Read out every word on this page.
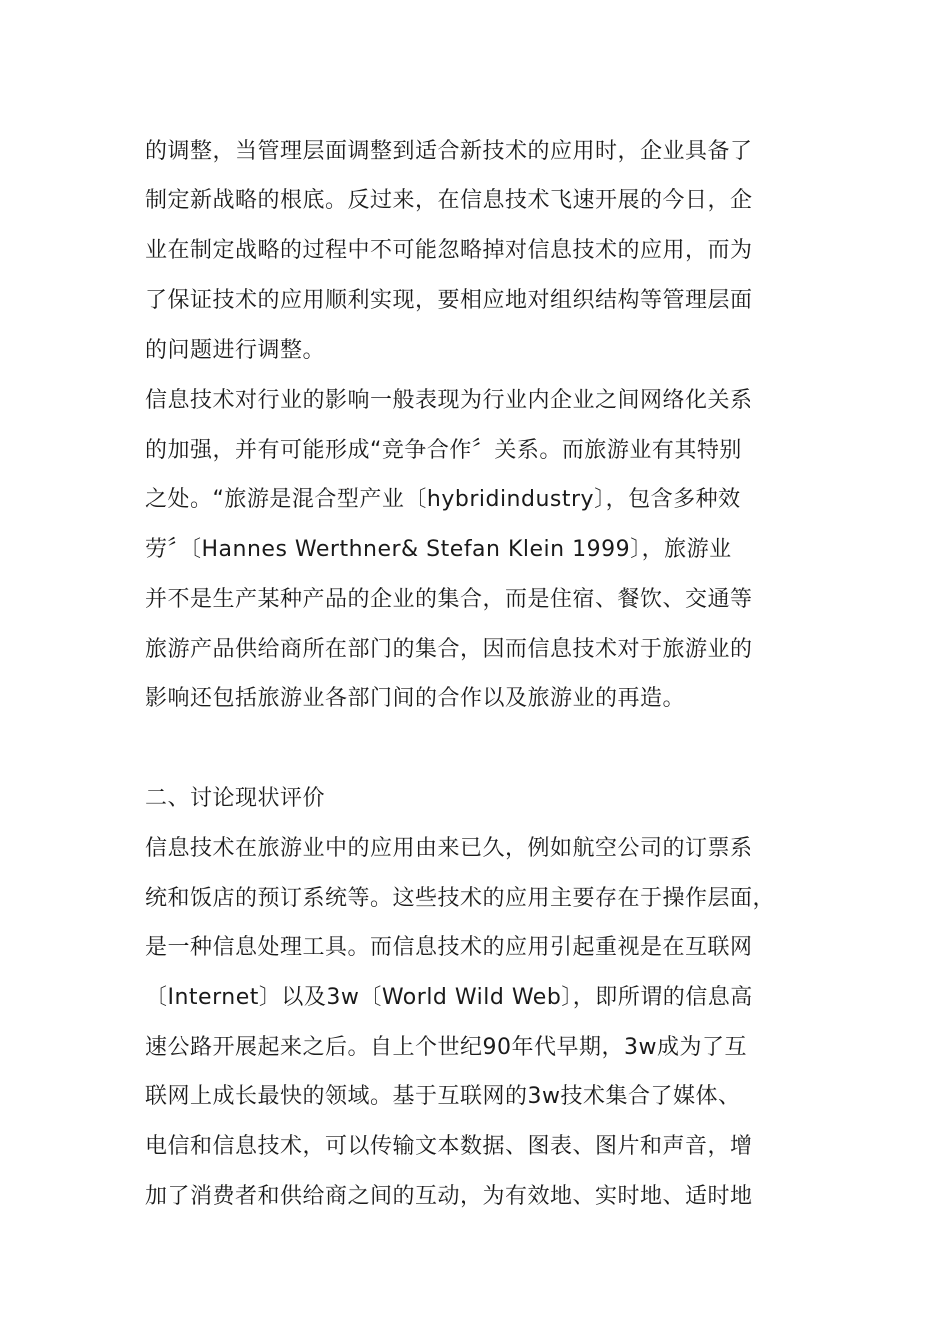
的调整，当管理层面调整到适合新技术的应用时，企业具备了
制定新战略的根底。反过来，在信息技术飞速开展的今日，企
业在制定战略的过程中不可能忽略掉对信息技术的应用，而为
了保证技术的应用顺利实现，要相应地对组织结构等管理层面
的问题进行调整。
信息技术对行业的影响一般表现为行业内企业之间网络化关系
的加强，并有可能形成“竞争合作〞关系。而旅游业有其特别
之处。“旅游是混合型产业〔hybridindustry〕，包含多种效
劳〞〔Hannes Werthner& Stefan Klein 1999〕，旅游业
并不是生产某种产品的企业的集合，而是住宿、餐饮、交通等
旅游产品供给商所在部门的集合，因而信息技术对于旅游业的
影响还包括旅游业各部门间的合作以及旅游业的再造。
二、讨论现状评价
信息技术在旅游业中的应用由来已久，例如航空公司的订票系
统和饭店的预订系统等。这些技术的应用主要存在于操作层面，
是一种信息处理工具。而信息技术的应用引起重视是在互联网
〔Internet〕以及3w〔World Wild Web〕，即所谓的信息高
速公路开展起来之后。自上个世纪90年代早期，3w成为了互
联网上成长最快的领域。基于互联网的3w技术集合了媒体、
电信和信息技术，可以传输文本数据、图表、图片和声音，增
加了消费者和供给商之间的互动，为有效地、实时地、适时地
